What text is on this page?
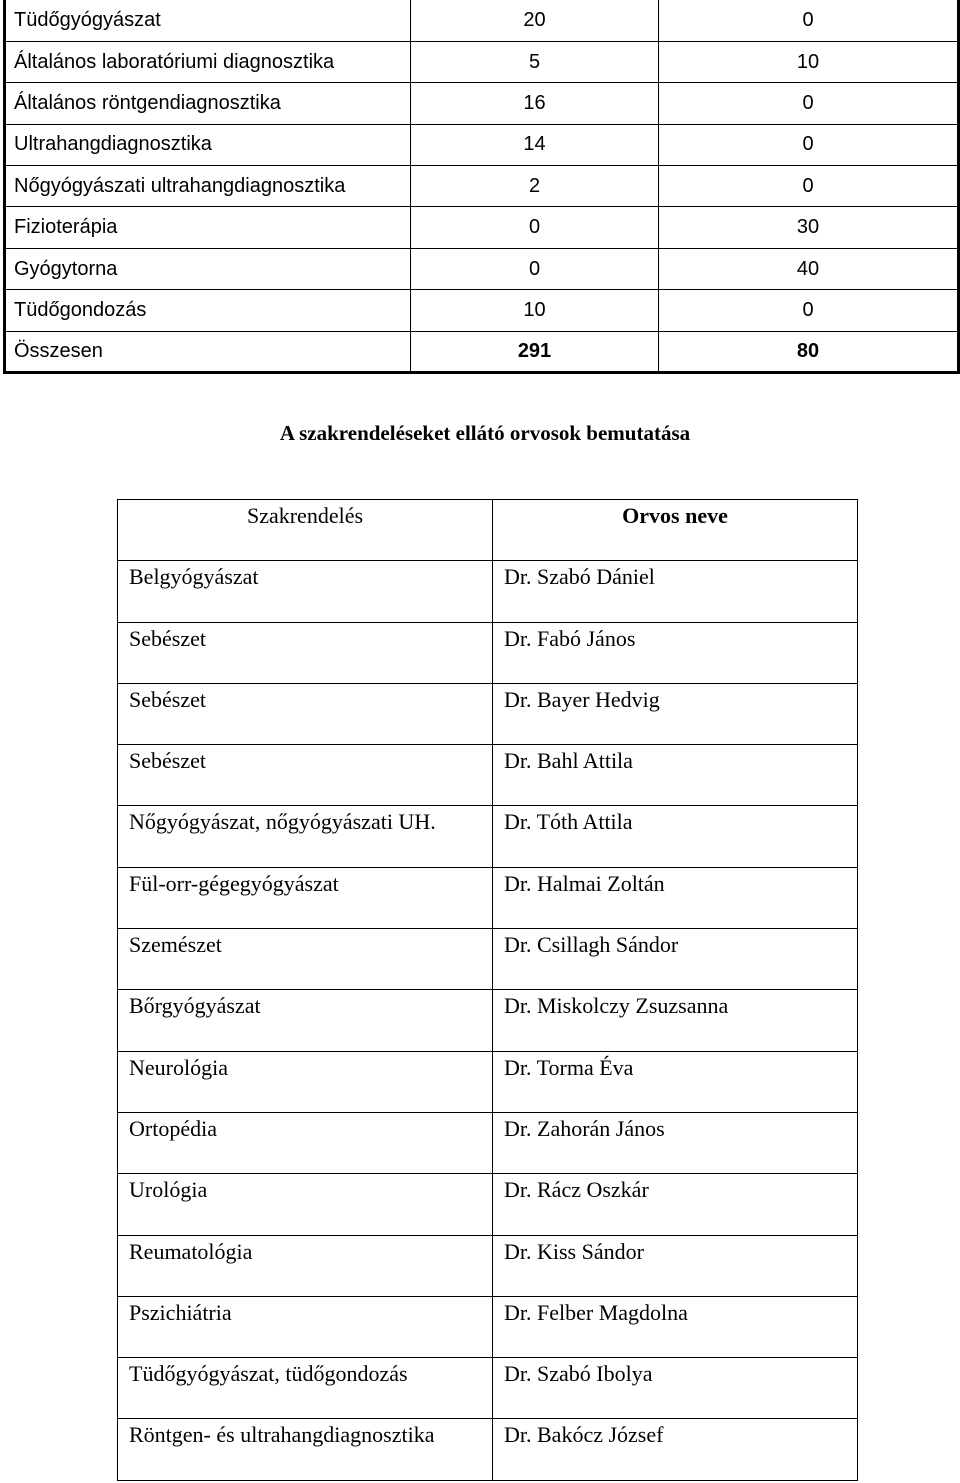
Tüdőgyógyászat	20	0
Általános laboratóriumi diagnosztika	5	10
Általános röntgendiagnosztika	16	0
Ultrahangdiagnosztika	14	0
Nőgyógyászati ultrahangdiagnosztika	2	0
Fizioterápia	0	30
Gyógytorna	0	40
Tüdőgondozás	10	0
Összesen	291	80
A szakrendeléseket ellátó orvosok bemutatása
Szakrendelés	Orvos neve
Belgyógyászat	Dr. Szabó Dániel
Sebészet	Dr. Fabó János
Sebészet	Dr. Bayer Hedvig
Sebészet	Dr. Bahl Attila
Nőgyógyászat, nőgyógyászati UH.	Dr. Tóth Attila
Fül-orr-gégegyógyászat	Dr. Halmai Zoltán
Szemészet	Dr. Csillagh Sándor
Bőrgyógyászat	Dr. Miskolczy Zsuzsanna
Neurológia	Dr. Torma Éva
Ortopédia	Dr. Zahorán János
Urológia	Dr. Rácz Oszkár
Reumatológia	Dr. Kiss Sándor
Pszichiátria	Dr. Felber Magdolna
Tüdőgyógyászat, tüdőgondozás	Dr. Szabó Ibolya
Röntgen- és ultrahangdiagnosztika	Dr. Bakócz József
